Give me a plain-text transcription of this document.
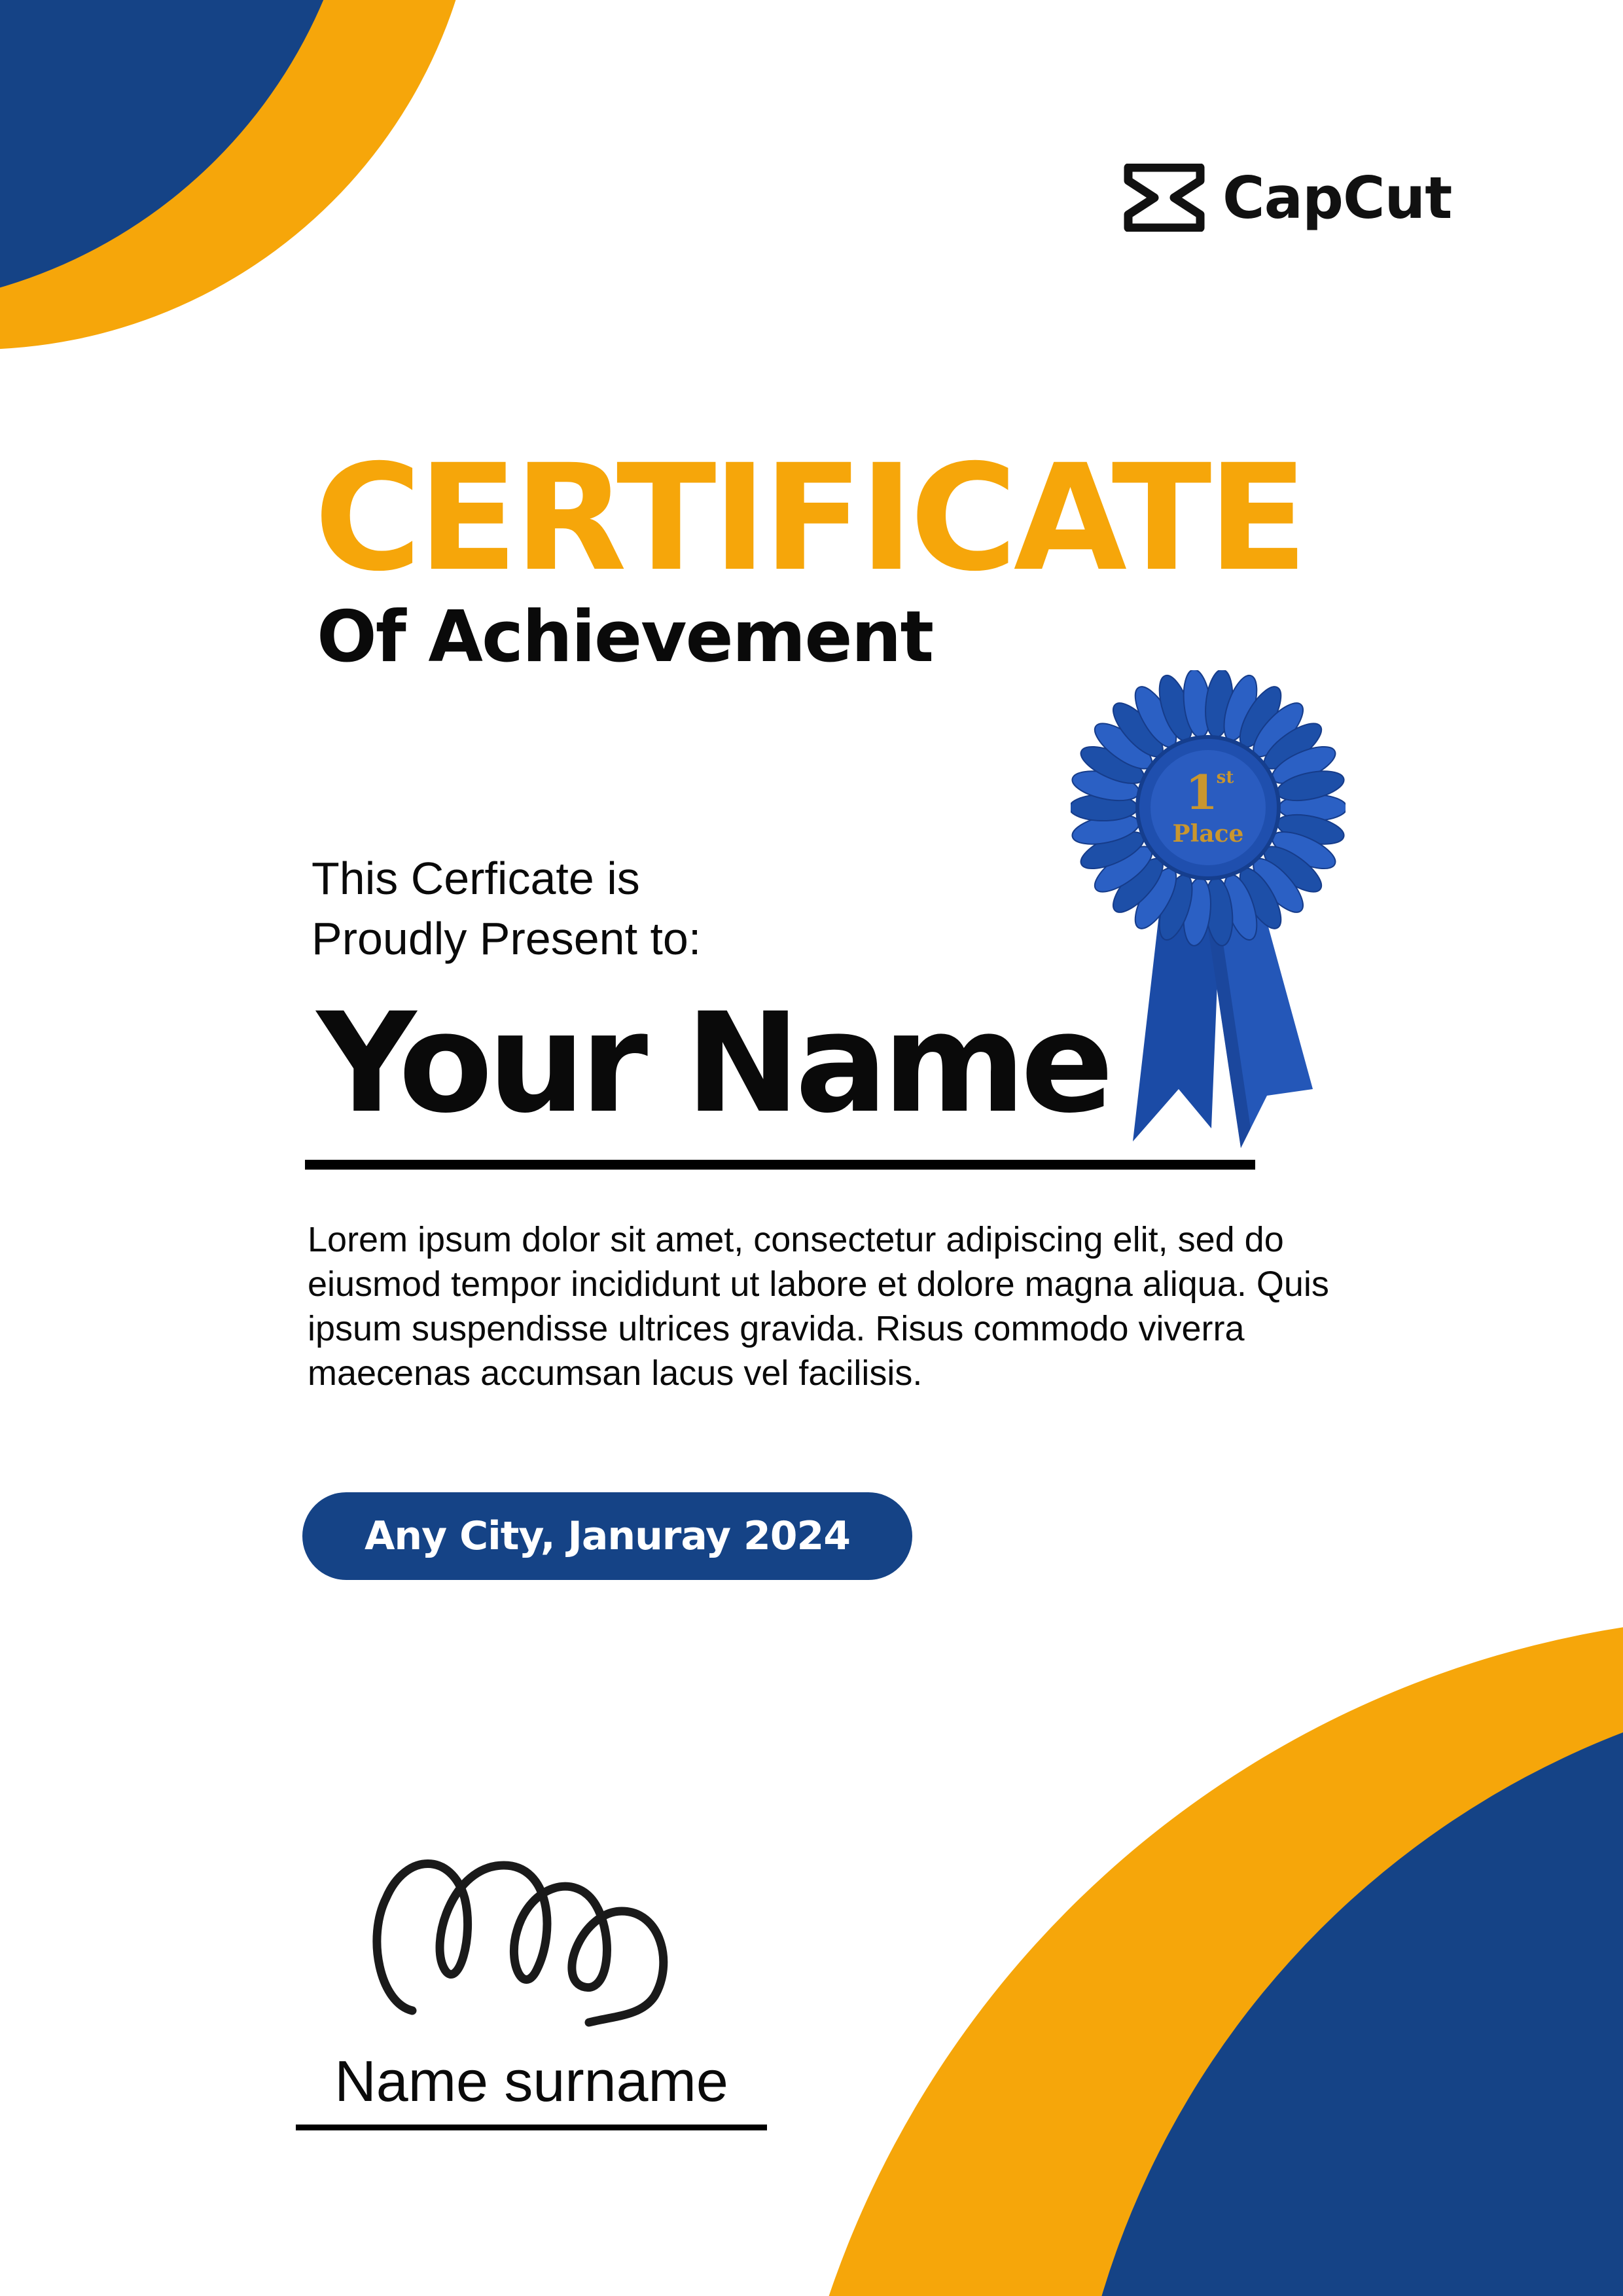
CapCut
CERTIFICATE
Of Achievement
This Cerficate is
Proudly Present to:
Your Name
Lorem ipsum dolor sit amet, consectetur adipiscing elit, sed do eiusmod tempor incididunt ut labore et dolore magna aliqua. Quis ipsum suspendisse ultrices gravida. Risus commodo viverra maecenas accumsan lacus vel facilisis.
Any City, Januray 2024
1
st
Place
Name surname
